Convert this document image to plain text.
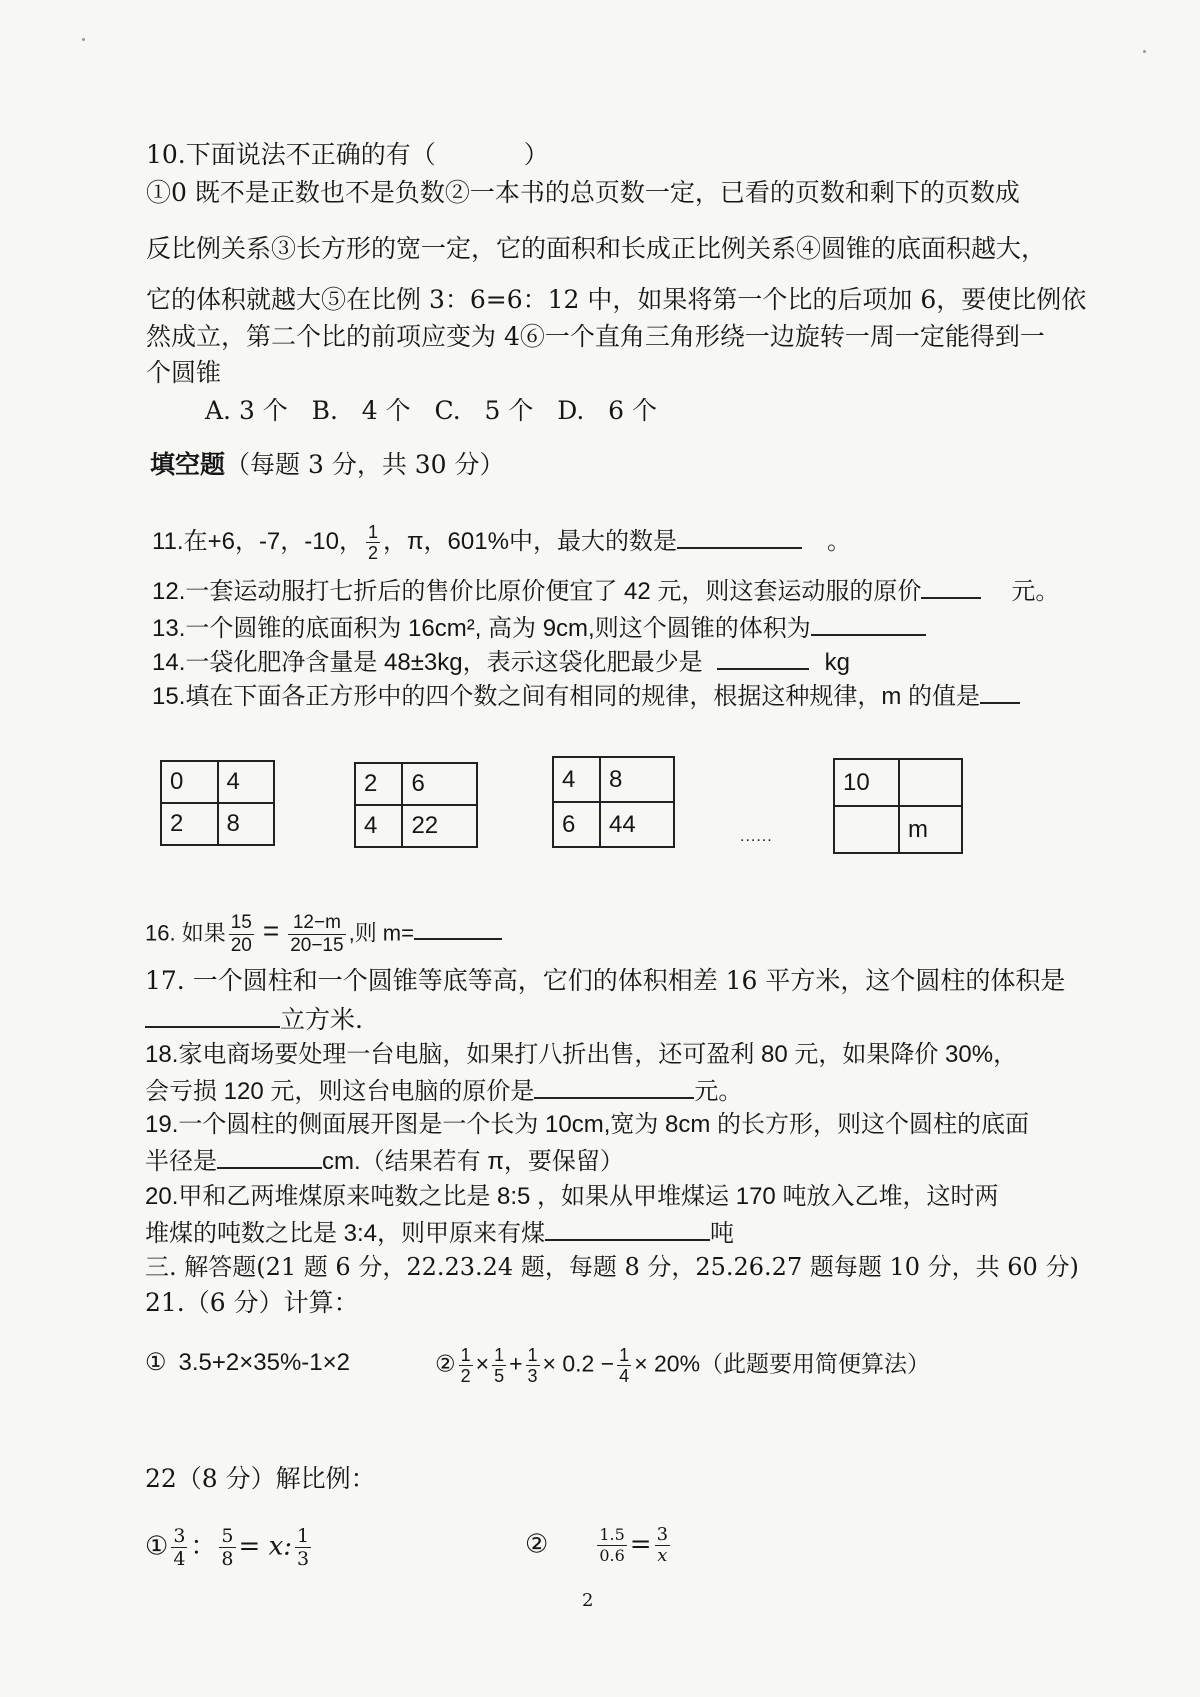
10.下面说法不正确的有（	）
①0 既不是正数也不是负数②一本书的总页数一定，已看的页数和剩下的页数成
反比例关系③长方形的宽一定，它的面积和长成正比例关系④圆锥的底面积越大，
它的体积就越大⑤在比例 3：6=6：12 中，如果将第一个比的后项加 6，要使比例依
然成立，第二个比的前项应变为 4⑥一个直角三角形绕一边旋转一周一定能得到一
个圆锥
A. 3 个   B.   4 个   C.   5 个   D.   6 个
填空题（每题 3 分，共 30 分）
11.在+6，-7，-10， $\frac{1}{2}$ ，π，601%中，最大的数是	。
12.一套运动服打七折后的售价比原价便宜了 42 元，则这套运动服的原价	元。
13.一个圆锥的底面积为 16cm², 高为 9cm,则这个圆锥的体积为
14.一袋化肥净含量是 48±3kg，表示这袋化肥最少是	kg
15.填在下面各正方形中的四个数之间有相同的规律，根据这种规律，m 的值是
0	4
2	8
2	6
4	22
4	8
6	44	......
10	
	m
16. 如果 $\frac{15}{20} = \frac{12-m}{20-15}$ ,则 m=
17. 一个圆柱和一个圆锥等底等高，它们的体积相差 16 平方米，这个圆柱的体积是
立方米.
18.家电商场要处理一台电脑，如果打八折出售，还可盈利 80 元，如果降价 30%，
会亏损 120 元，则这台电脑的原价是	元。
19.一个圆柱的侧面展开图是一个长为 10cm,宽为 8cm 的长方形，则这个圆柱的底面
半径是	cm.（结果若有 π，要保留）
20.甲和乙两堆煤原来吨数之比是 8:5 ，如果从甲堆煤运 170 吨放入乙堆，这时两
堆煤的吨数之比是 3:4，则甲原来有煤	吨
三. 解答题(21 题 6 分，22.23.24 题，每题 8 分，25.26.27 题每题 10 分，共 60 分)
21.（6 分）计算：
① 3.5+2×35%-1×2	② $\frac{1}{2} \times \frac{1}{5} + \frac{1}{3} \times 0.2 - \frac{1}{4} \times 20\%$（此题要用简便算法）
22（8 分）解比例：
① $\frac{3}{4}$ ： $\frac{5}{8} = x$: $\frac{1}{3}$	②	$\frac{1.5}{0.6} = \frac{3}{x}$
2
